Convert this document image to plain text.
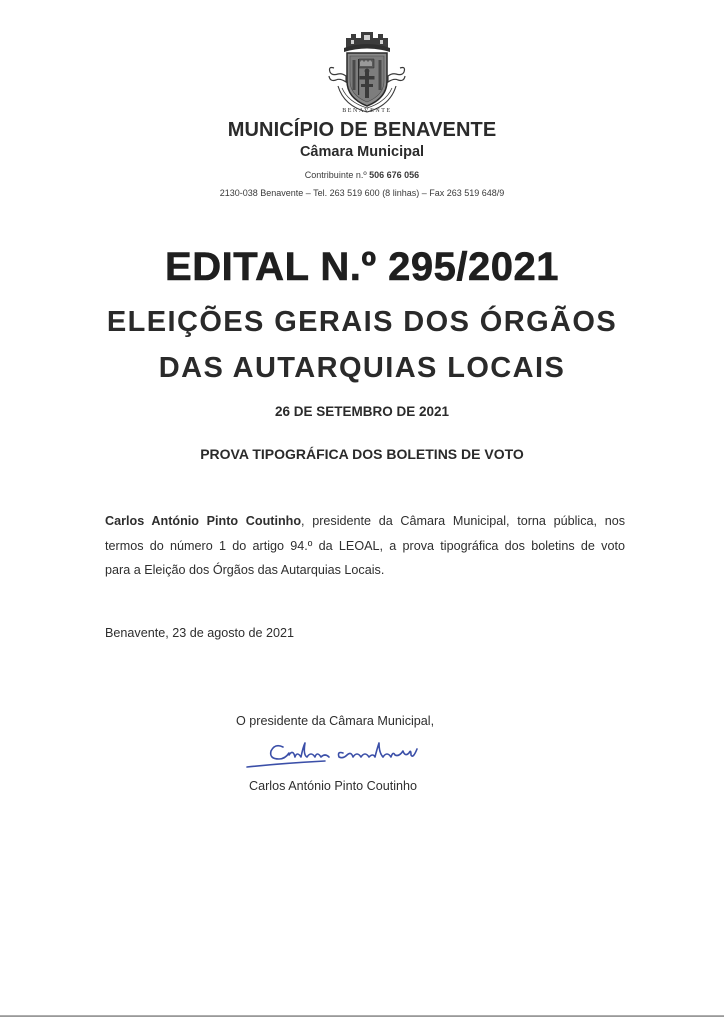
BENAVENTE
MUNICÍPIO DE BENAVENTE
Câmara Municipal
Contribuinte n.º 506 676 056
2130-038 Benavente – Tel. 263 519 600 (8 linhas) – Fax 263 519 648/9
EDITAL N.º 295/2021
ELEIÇÕES GERAIS DOS ÓRGÃOS
DAS AUTARQUIAS LOCAIS
26 DE SETEMBRO DE 2021
PROVA TIPOGRÁFICA DOS BOLETINS DE VOTO
Carlos António Pinto Coutinho, presidente da Câmara Municipal, torna pública, nos
termos do número 1 do artigo 94.º da LEOAL, a prova tipográfica dos boletins de voto
para a Eleição dos Órgãos das Autarquias Locais.
Benavente, 23 de agosto de 2021
O presidente da Câmara Municipal,
Carlos António Pinto Coutinho
